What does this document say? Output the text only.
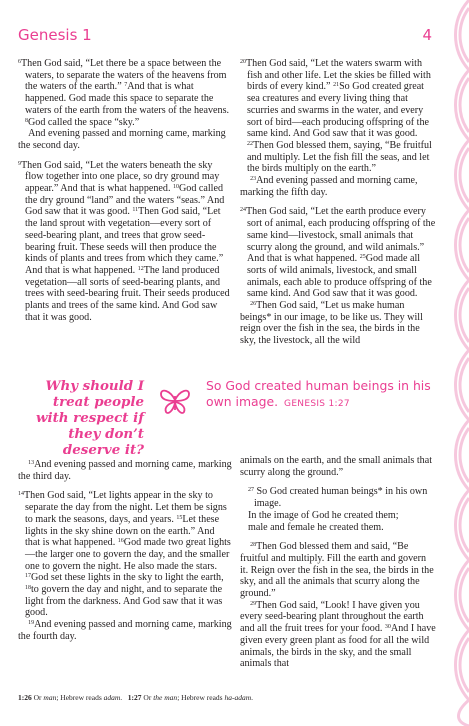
Genesis 1	4

$^6$Then God said, “Let there be a space between the waters, to separate the waters of the heavens from the waters of the earth.” $^7$And that is what happened. God made this space to separate the waters of the earth from the waters of the heavens. $^8$God called the space “sky.”

And evening passed and morning came, marking the second day.

$^9$Then God said, “Let the waters beneath the sky flow together into one place, so dry ground may appear.” And that is what happened. $^{10}$God called the dry ground “land” and the waters “seas.” And God saw that it was good. $^{11}$Then God said, “Let the land sprout with vegetation—every sort of seed-bearing plant, and trees that grow seed-bearing fruit. These seeds will then produce the kinds of plants and trees from which they came.” And that is what happened. $^{12}$The land produced vegetation—all sorts of seed-bearing plants, and trees with seed-bearing fruit. Their seeds produced plants and trees of the same kind. And God saw that it was good.

$^{20}$Then God said, “Let the waters swarm with fish and other life. Let the skies be filled with birds of every kind.” $^{21}$So God created great sea creatures and every living thing that scurries and swarms in the water, and every sort of bird—each producing offspring of the same kind. And God saw that it was good. $^{22}$Then God blessed them, saying, “Be fruitful and multiply. Let the fish fill the seas, and let the birds multiply on the earth.”

$^{23}$And evening passed and morning came, marking the fifth day.

$^{24}$Then God said, “Let the earth produce every sort of animal, each producing offspring of the same kind—livestock, small animals that scurry along the ground, and wild animals.” And that is what happened. $^{25}$God made all sorts of wild animals, livestock, and small animals, each able to produce offspring of the same kind. And God saw that it was good.

$^{26}$Then God said, “Let us make human beings* in our image, to be like us. They will reign over the fish in the sea, the birds in the sky, the livestock, all the wild

Why should I treat people with respect if they don’t deserve it?
So God created human beings in his own image. GENESIS 1:27

$^{13}$And evening passed and morning came, marking the third day.

$^{14}$Then God said, “Let lights appear in the sky to separate the day from the night. Let them be signs to mark the seasons, days, and years. $^{15}$Let these lights in the sky shine down on the earth.” And that is what happened. $^{16}$God made two great lights—the larger one to govern the day, and the smaller one to govern the night. He also made the stars. $^{17}$God set these lights in the sky to light the earth, $^{18}$to govern the day and night, and to separate the light from the darkness. And God saw that it was good.

$^{19}$And evening passed and morning came, marking the fourth day.

animals on the earth, and the small animals that scurry along the ground.”

$^{27}$ So God created human beings* in his own image.

In the image of God he created them;

male and female he created them.

$^{28}$Then God blessed them and said, “Be fruitful and multiply. Fill the earth and govern it. Reign over the fish in the sea, the birds in the sky, and all the animals that scurry along the ground.”

$^{29}$Then God said, “Look! I have given you every seed-bearing plant throughout the earth and all the fruit trees for your food. $^{30}$And I have given every green plant as food for all the wild animals, the birds in the sky, and the small animals that

1:26 Or man; Hebrew reads adam.   1:27 Or the man; Hebrew reads ha-adam.
